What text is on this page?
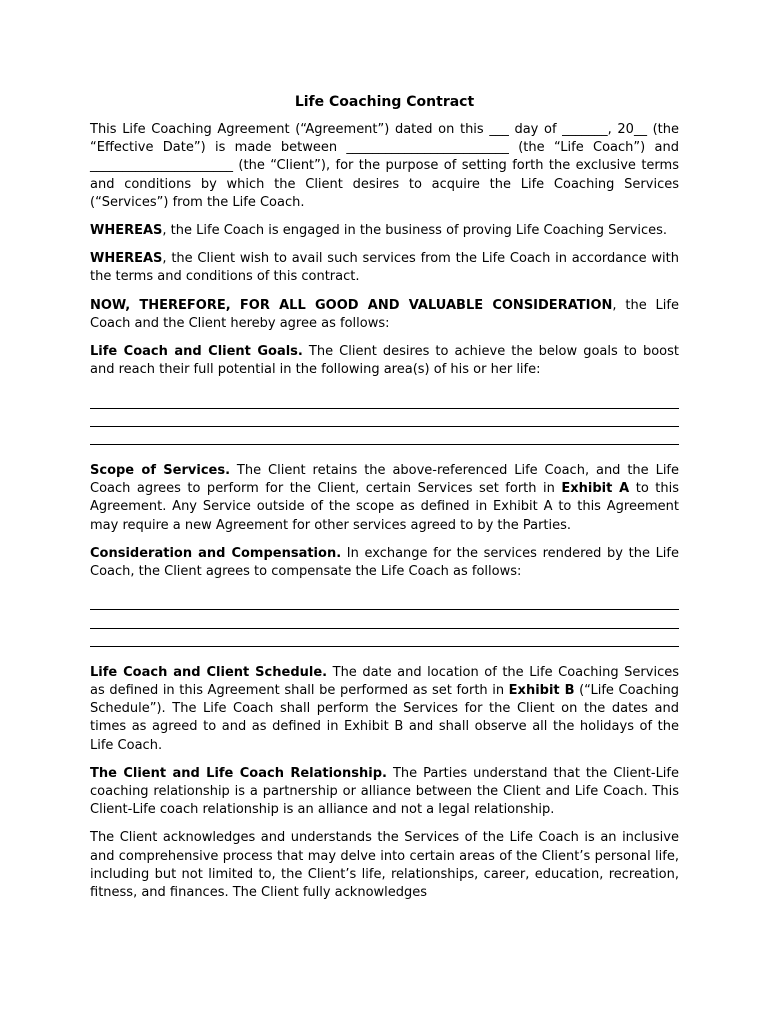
Life Coaching Contract

This Life Coaching Agreement (“Agreement”) dated on this ___ day of _______, 20__ (the “Effective Date”) is made between _________________________ (the “Life Coach”) and ______________________ (the “Client”), for the purpose of setting forth the exclusive terms and conditions by which the Client desires to acquire the Life Coaching Services (“Services”) from the Life Coach.

WHEREAS, the Life Coach is engaged in the business of proving Life Coaching Services.

WHEREAS, the Client wish to avail such services from the Life Coach in accordance with the terms and conditions of this contract.

NOW, THEREFORE, FOR ALL GOOD AND VALUABLE CONSIDERATION, the Life Coach and the Client hereby agree as follows:

Life Coach and Client Goals. The Client desires to achieve the below goals to boost and reach their full potential in the following area(s) of his or her life:

Scope of Services. The Client retains the above-referenced Life Coach, and the Life Coach agrees to perform for the Client, certain Services set forth in Exhibit A to this Agreement. Any Service outside of the scope as defined in Exhibit A to this Agreement may require a new Agreement for other services agreed to by the Parties.

Consideration and Compensation. In exchange for the services rendered by the Life Coach, the Client agrees to compensate the Life Coach as follows:

Life Coach and Client Schedule. The date and location of the Life Coaching Services as defined in this Agreement shall be performed as set forth in Exhibit B (“Life Coaching Schedule”). The Life Coach shall perform the Services for the Client on the dates and times as agreed to and as defined in Exhibit B and shall observe all the holidays of the Life Coach.

The Client and Life Coach Relationship. The Parties understand that the Client-Life coaching relationship is a partnership or alliance between the Client and Life Coach. This Client-Life coach relationship is an alliance and not a legal relationship.

The Client acknowledges and understands the Services of the Life Coach is an inclusive and comprehensive process that may delve into certain areas of the Client’s personal life, including but not limited to, the Client’s life, relationships, career, education, recreation, fitness, and finances. The Client fully acknowledges
